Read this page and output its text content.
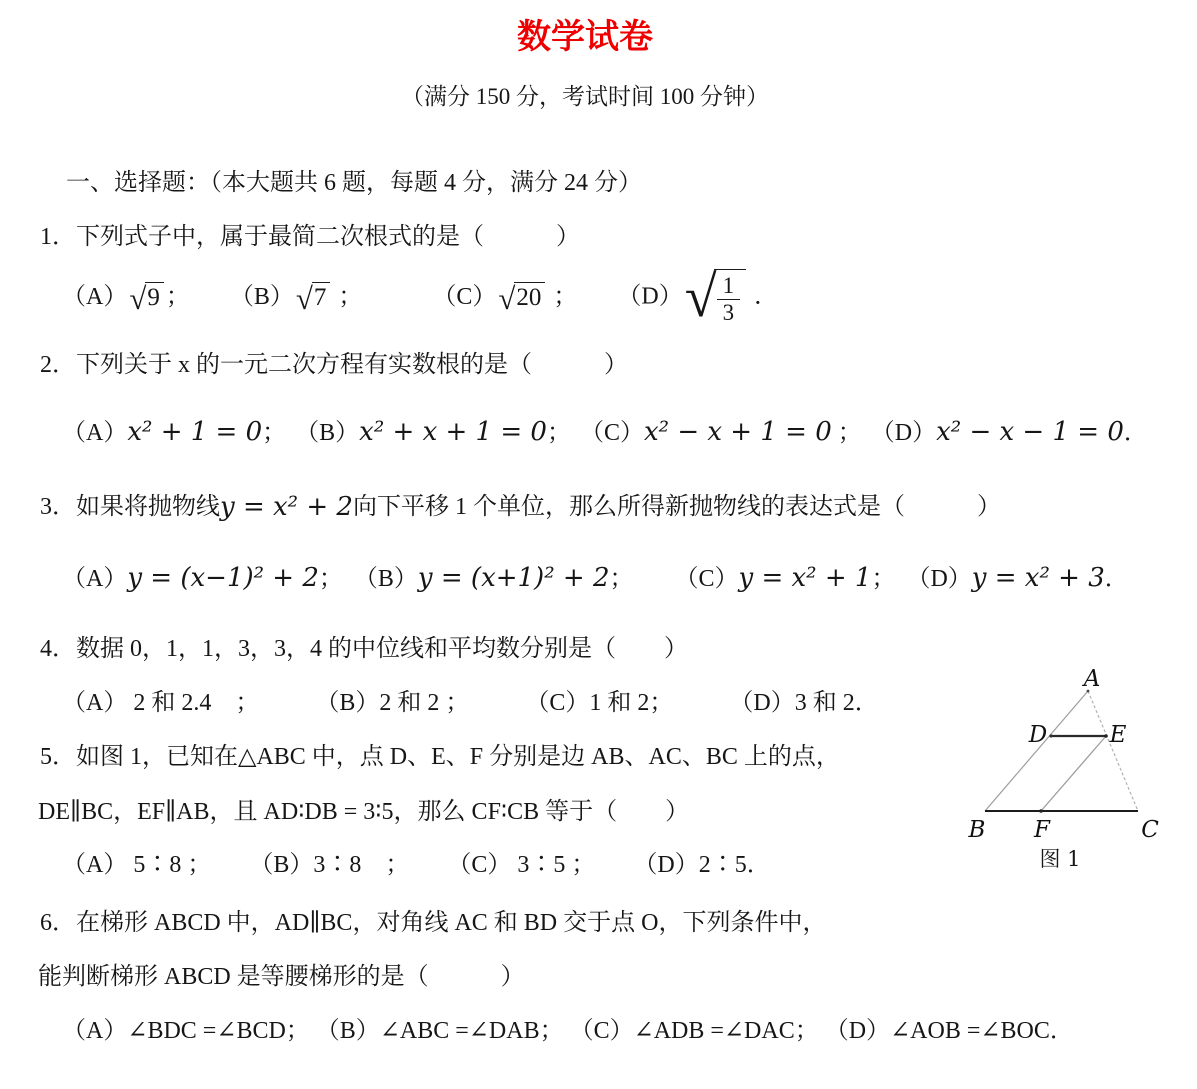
数学试卷
（满分 150 分，考试时间 100 分钟）
一、选择题：（本大题共 6 题，每题 4 分，满分 24 分）
1．下列式子中，属于最简二次根式的是（　　　）
（A） √ 9 ； （B） √ 7 ；	（C） √ 20 ； （D） √ $\frac{1}{3}$ ．
2．下列关于 x 的一元二次方程有实数根的是（　　　）
（A）x² + 1 = 0； （B）x² + x + 1 = 0； （C）x² − x + 1 = 0 ； （D）x² − x − 1 = 0．
3．如果将抛物线 y = x² + 2 向下平移 1 个单位，那么所得新抛物线的表达式是（　　　）
（A）y = (x−1)² + 2； （B）y = (x+1)² + 2； （C）y = x² + 1； （D）y = x² + 3．
4．数据 0，1，1，3，3，4 的中位线和平均数分别是（　　）
（A） 2 和 2.4　； （B）2 和 2 ； （C）1 和 2； （D）3 和 2．
5．如图 1，已知在△ABC 中，点 D、E、F 分别是边 AB、AC、BC 上的点，
DE∥BC，EF∥AB，且 AD∶DB = 3∶5，那么 CF∶CB 等于（　　）
（A） 5∶8 ； （B）3∶8　； （C） 3∶5 ； （D）2∶5．
6．在梯形 ABCD 中，AD∥BC，对角线 AC 和 BD 交于点 O，下列条件中，
能判断梯形 ABCD 是等腰梯形的是（　　　）
（A）∠BDC =∠BCD； （B）∠ABC =∠DAB； （C）∠ADB =∠DAC； （D）∠AOB =∠BOC．
A
D	E
B F	C
图 1
